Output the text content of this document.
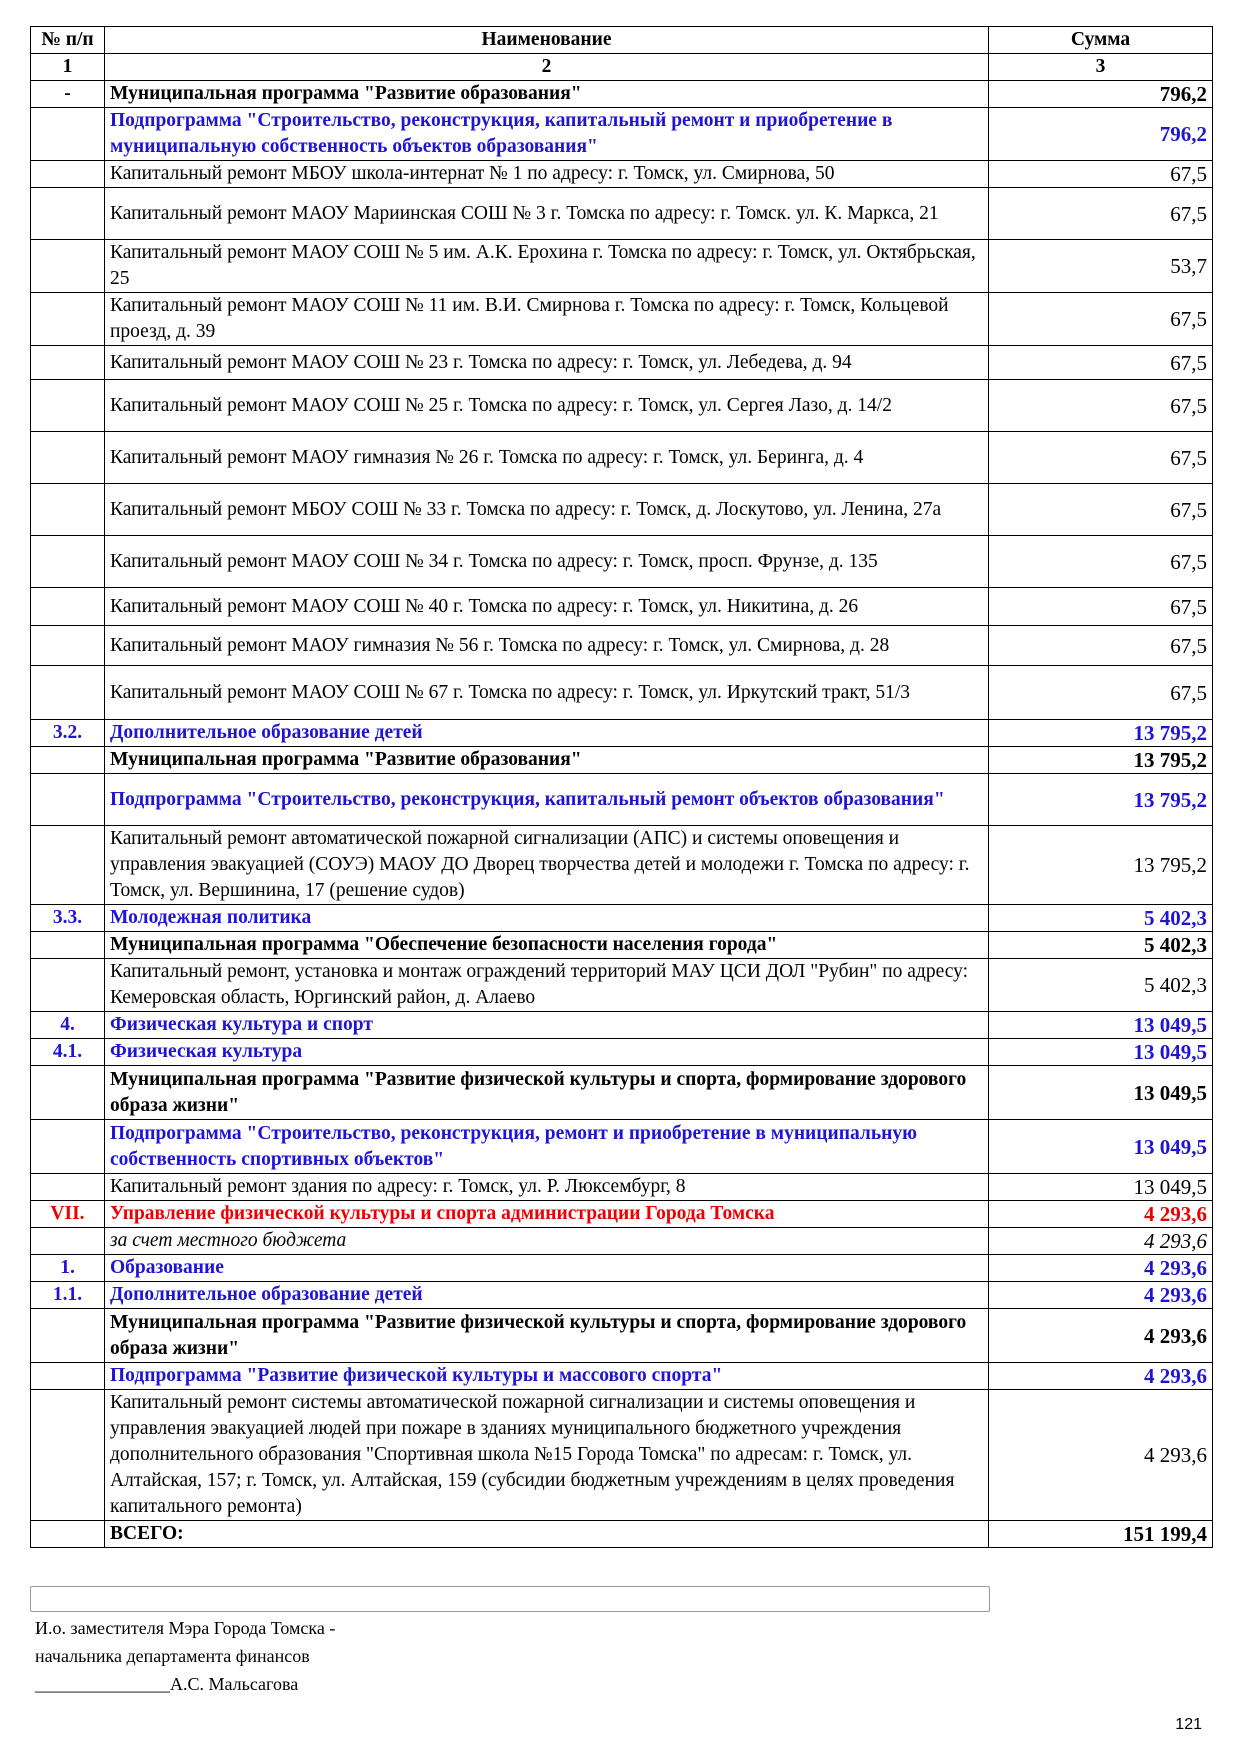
№ п/п	Наименование	Сумма
1	2	3
-	Муниципальная программа "Развитие образования"	796,2
	Подпрограмма "Строительство, реконструкция, капитальный ремонт и приобретение в муниципальную собственность объектов образования"	796,2
	Капитальный ремонт МБОУ школа-интернат № 1 по адресу: г. Томск, ул. Смирнова, 50	67,5
	Капитальный ремонт МАОУ Мариинская СОШ № 3 г. Томска по адресу: г. Томск. ул. К. Маркса, 21	67,5
	Капитальный ремонт МАОУ СОШ № 5 им. А.К. Ерохина г. Томска по адресу: г. Томск, ул. Октябрьская, 25	53,7
	Капитальный ремонт МАОУ СОШ № 11 им. В.И. Смирнова г. Томска по адресу: г. Томск, Кольцевой проезд, д. 39	67,5
	Капитальный ремонт МАОУ СОШ № 23 г. Томска по адресу: г. Томск, ул. Лебедева, д. 94	67,5
	Капитальный ремонт МАОУ СОШ № 25 г. Томска по адресу: г. Томск, ул. Сергея Лазо, д. 14/2	67,5
	Капитальный ремонт МАОУ гимназия № 26 г. Томска по адресу: г. Томск, ул. Беринга, д. 4	67,5
	Капитальный ремонт МБОУ СОШ № 33 г. Томска по адресу: г. Томск, д. Лоскутово, ул. Ленина, 27а	67,5
	Капитальный ремонт МАОУ СОШ № 34 г. Томска по адресу: г. Томск, просп. Фрунзе, д. 135	67,5
	Капитальный ремонт МАОУ СОШ № 40 г. Томска по адресу: г. Томск, ул. Никитина, д. 26	67,5
	Капитальный ремонт МАОУ гимназия № 56 г. Томска по адресу: г. Томск, ул. Смирнова, д. 28	67,5
	Капитальный ремонт МАОУ СОШ № 67 г. Томска по адресу: г. Томск, ул. Иркутский тракт, 51/3	67,5
3.2.	Дополнительное образование детей	13 795,2
	Муниципальная программа "Развитие образования"	13 795,2
	Подпрограмма "Строительство, реконструкция, капитальный ремонт объектов образования"	13 795,2
	Капитальный ремонт автоматической пожарной сигнализации (АПС) и системы оповещения и управления эвакуацией (СОУЭ) МАОУ ДО Дворец творчества детей и молодежи г. Томска по адресу: г. Томск, ул. Вершинина, 17 (решение судов)	13 795,2
3.3.	Молодежная политика	5 402,3
	Муниципальная программа "Обеспечение безопасности населения города"	5 402,3
	Капитальный ремонт, установка и монтаж ограждений территорий МАУ ЦСИ ДОЛ "Рубин" по адресу: Кемеровская область, Юргинский район, д. Алаево	5 402,3
4.	Физическая культура и спорт	13 049,5
4.1.	Физическая культура	13 049,5
	Муниципальная программа "Развитие физической культуры и спорта, формирование здорового образа жизни"	13 049,5
	Подпрограмма "Строительство, реконструкция, ремонт и приобретение в муниципальную собственность спортивных объектов"	13 049,5
	Капитальный ремонт здания по адресу: г. Томск, ул. Р. Люксембург, 8	13 049,5
VII.	Управление физической культуры и спорта администрации Города Томска	4 293,6
	за счет местного бюджета	4 293,6
1.	Образование	4 293,6
1.1.	Дополнительное образование детей	4 293,6
	Муниципальная программа "Развитие физической культуры и спорта, формирование здорового образа жизни"	4 293,6
	Подпрограмма "Развитие физической культуры и массового спорта"	4 293,6
	Капитальный ремонт системы автоматической пожарной сигнализации и системы оповещения и управления эвакуацией людей при пожаре в зданиях муниципального бюджетного учреждения дополнительного образования "Спортивная школа №15 Города Томска" по адресам: г. Томск, ул. Алтайская, 157; г. Томск, ул. Алтайская, 159 (субсидии бюджетным учреждениям в целях проведения капитального ремонта)	4 293,6
	ВСЕГО:	151 199,4
И.о. заместителя Мэра Города Томска -
начальника департамента финансов
_______________А.С. Мальсагова
121
